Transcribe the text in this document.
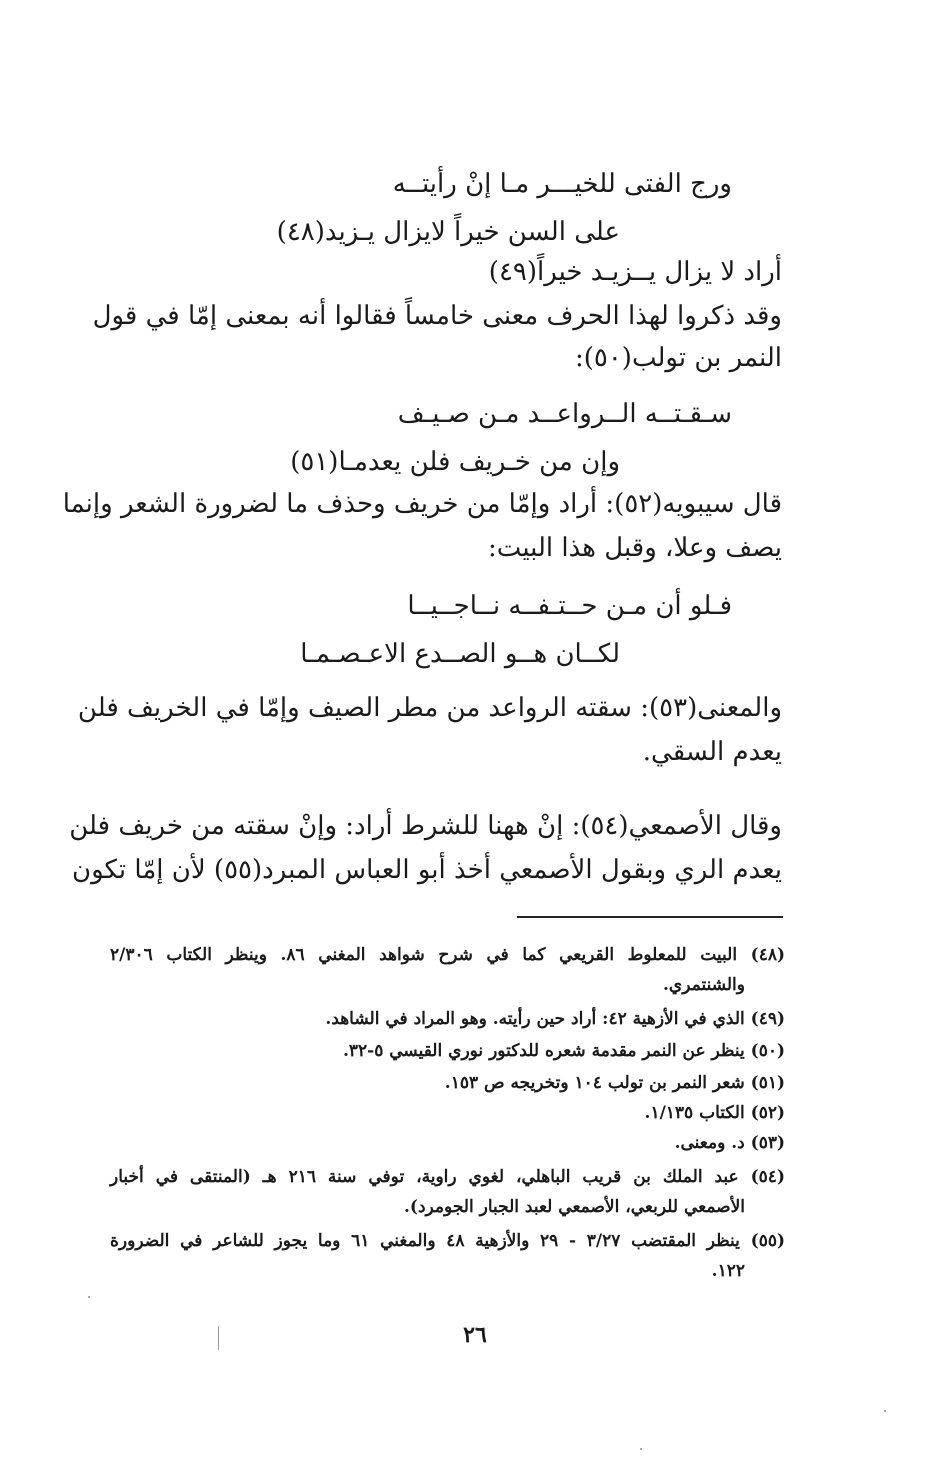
ورج الفتى للخيـــر مـا إنْ رأيتــه
على السن خيراً لايزال يـزيد(٤٨)
أراد لا يزال يــزيـد خيراً(٤٩)
وقد ذكروا لهذا الحرف معنى خامساً فقالوا أنه بمعنى إمّا في قول
النمر بن تولب(٥٠):
سـقـتــه الــرواعــد مـن صـيـف
وإن من خـريف فلن يعدمـا(٥١)
قال سيبويه(٥٢): أراد وإمّا من خريف وحذف ما لضرورة الشعر وإنما
يصف وعلا، وقبل هذا البيت:
فـلو أن مـن حــتـفــه نــاجــيــا
لكــان هــو الصــدع الاعـصـمـا
والمعنى(٥٣): سقته الرواعد من مطر الصيف وإمّا في الخريف فلن
يعدم السقي.
وقال الأصمعي(٥٤): إنْ ههنا للشرط أراد: وإنْ سقته من خريف فلن
يعدم الري وبقول الأصمعي أخذ أبو العباس المبرد(٥٥) لأن إمّا تكون
(٤٨) البيت للمعلوط القريعي كما في شرح شواهد المغني ٨٦. وينظر الكتاب ٢/٣٠٦
والشنتمري.
(٤٩) الذي في الأزهية ٤٢: أراد حين رأيته. وهو المراد في الشاهد.
(٥٠) ينظر عن النمر مقدمة شعره للدكتور نوري القيسي ٥-٣٢.
(٥١) شعر النمر بن تولب ١٠٤ وتخريجه ص ١٥٣.
(٥٢) الكتاب ١/١٣٥.
(٥٣) د. ومعنى.
(٥٤) عبد الملك بن قريب الباهلي، لغوي راوية، توفي سنة ٢١٦ هـ (المنتقى في أخبار
الأصمعي للربعي، الأصمعي لعبد الجبار الجومرد).
(٥٥) ينظر المقتضب ٣/٢٧ - ٢٩ والأزهية ٤٨ والمغني ٦١ وما يجوز للشاعر في الضرورة
١٢٢.
٢٦
